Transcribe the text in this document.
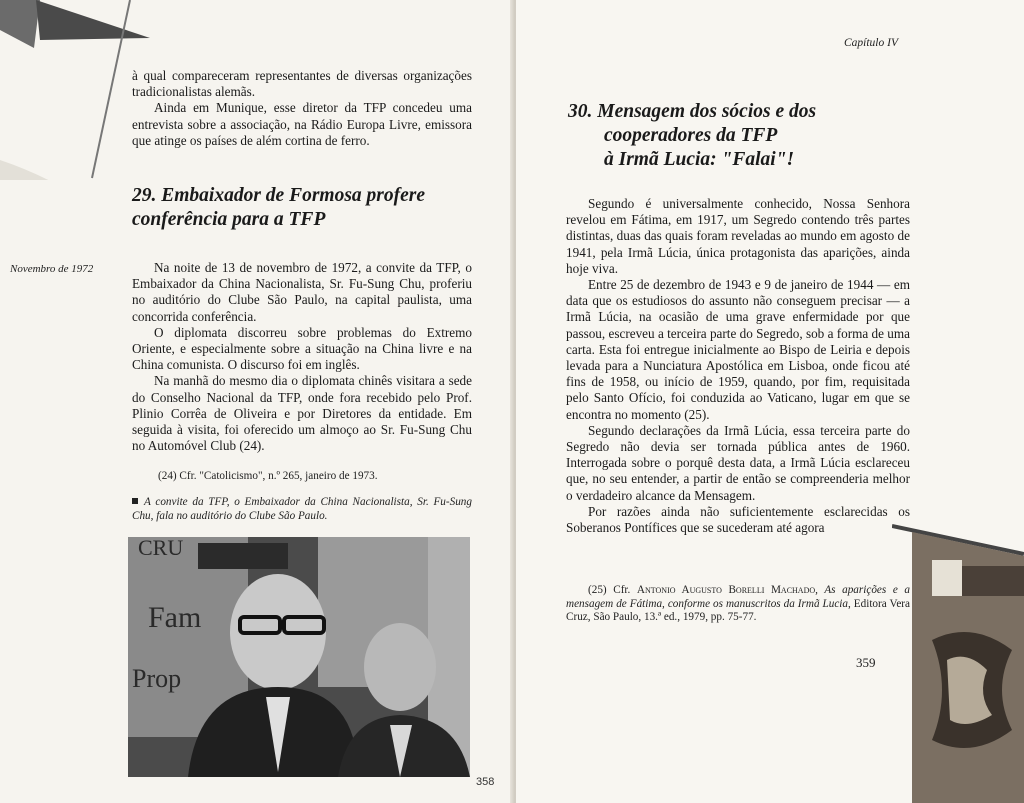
à qual compareceram representantes de diversas organizações tradicionalistas alemãs.

Ainda em Munique, esse diretor da TFP concedeu uma entrevista sobre a associação, na Rádio Europa Livre, emissora que atinge os países de além cortina de ferro.

29. Embaixador de Formosa profere conferência para a TFP
Novembro de 1972	Na noite de 13 de novembro de 1972, a convite da TFP, o Embaixador da China Nacionalista, Sr. Fu-Sung Chu, proferiu no auditório do Clube São Paulo, na capital paulista, uma concorrida conferência.

O diplomata discorreu sobre problemas do Extremo Oriente, e especialmente sobre a situação na China livre e na China comunista. O discurso foi em inglês.

Na manhã do mesmo dia o diplomata chinês visitara a sede do Conselho Nacional da TFP, onde fora recebido pelo Prof. Plinio Corrêa de Oliveira e por Diretores da entidade. Em seguida à visita, foi oferecido um almoço ao Sr. Fu-Sung Chu no Automóvel Club (24).

(24) Cfr. "Catolicismo", n.º 265, janeiro de 1973.

A convite da TFP, o Embaixador da China Nacionalista, Sr. Fu-Sung Chu, fala no auditório do Clube São Paulo.

CRU
Fam
Prop
358
Capítulo IV
30. Mensagem dos sócios e dos
cooperadores da TFP
à Irmã Lucia: "Falai"!

Segundo é universalmente conhecido, Nossa Senhora revelou em Fátima, em 1917, um Segredo contendo três partes distintas, duas das quais foram reveladas ao mundo em agosto de 1941, pela Irmã Lúcia, única protagonista das aparições, ainda hoje viva.

Entre 25 de dezembro de 1943 e 9 de janeiro de 1944 — em data que os estudiosos do assunto não conseguem precisar — a Irmã Lúcia, na ocasião de uma grave enfermidade por que passou, escreveu a terceira parte do Segredo, sob a forma de uma carta. Esta foi entregue inicialmente ao Bispo de Leiria e depois levada para a Nunciatura Apostólica em Lisboa, onde ficou até fins de 1958, ou início de 1959, quando, por fim, requisitada pelo Santo Ofício, foi conduzida ao Vaticano, lugar em que se encontra no momento (25).

Segundo declarações da Irmã Lúcia, essa terceira parte do Segredo não devia ser tornada pública antes de 1960. Interrogada sobre o porquê desta data, a Irmã Lúcia esclareceu que, no seu entender, a partir de então se compreenderia melhor o verdadeiro alcance da Mensagem.

Por razões ainda não suficientemente esclarecidas os Soberanos Pontífices que se sucederam até agora

(25) Cfr. Antonio Augusto Borelli Machado, As aparições e a mensagem de Fátima, conforme os manuscritos da Irmã Lucia, Editora Vera Cruz, São Paulo, 13.ª ed., 1979, pp. 75-77.

359
